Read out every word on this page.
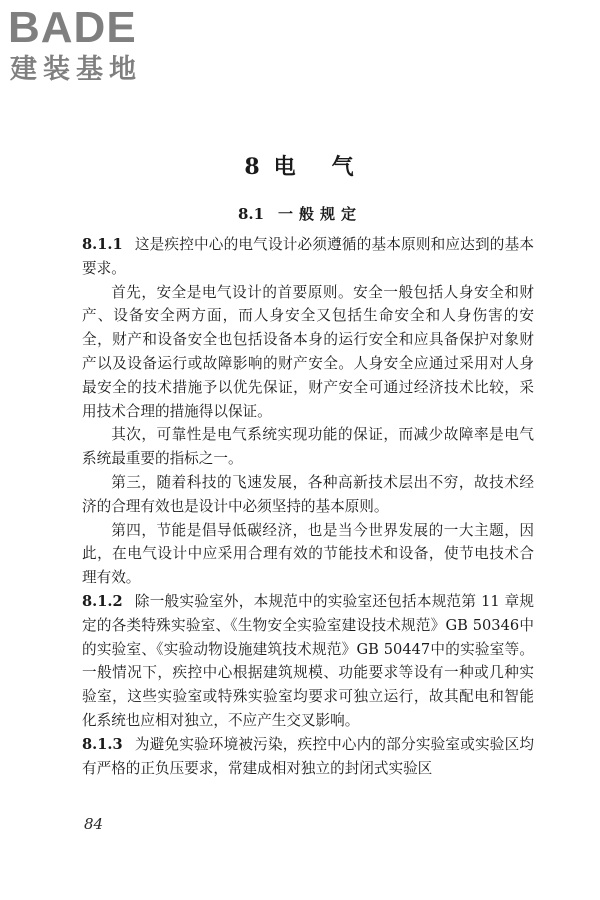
BADE
建装基地
8 电 气
8.1 一般规定

8.1.1 这是疾控中心的电气设计必须遵循的基本原则和应达到的基本要求。

首先，安全是电气设计的首要原则。安全一般包括人身安全和财产、设备安全两方面，而人身安全又包括生命安全和人身伤害的安全，财产和设备安全也包括设备本身的运行安全和应具备保护对象财产以及设备运行或故障影响的财产安全。人身安全应通过采用对人身最安全的技术措施予以优先保证，财产安全可通过经济技术比较，采用技术合理的措施得以保证。

其次，可靠性是电气系统实现功能的保证，而减少故障率是电气系统最重要的指标之一。

第三，随着科技的飞速发展，各种高新技术层出不穷，故技术经济的合理有效也是设计中必须坚持的基本原则。

第四，节能是倡导低碳经济，也是当今世界发展的一大主题，因此，在电气设计中应采用合理有效的节能技术和设备，使节电技术合理有效。

8.1.2 除一般实验室外，本规范中的实验室还包括本规范第 11 章规定的各类特殊实验室、《生物安全实验室建设技术规范》GB 50346中的实验室、《实验动物设施建筑技术规范》GB 50447中的实验室等。一般情况下，疾控中心根据建筑规模、功能要求等设有一种或几种实验室，这些实验室或特殊实验室均要求可独立运行，故其配电和智能化系统也应相对独立，不应产生交叉影响。

8.1.3 为避免实验环境被污染，疾控中心内的部分实验室或实验区均有严格的正负压要求，常建成相对独立的封闭式实验区

84
